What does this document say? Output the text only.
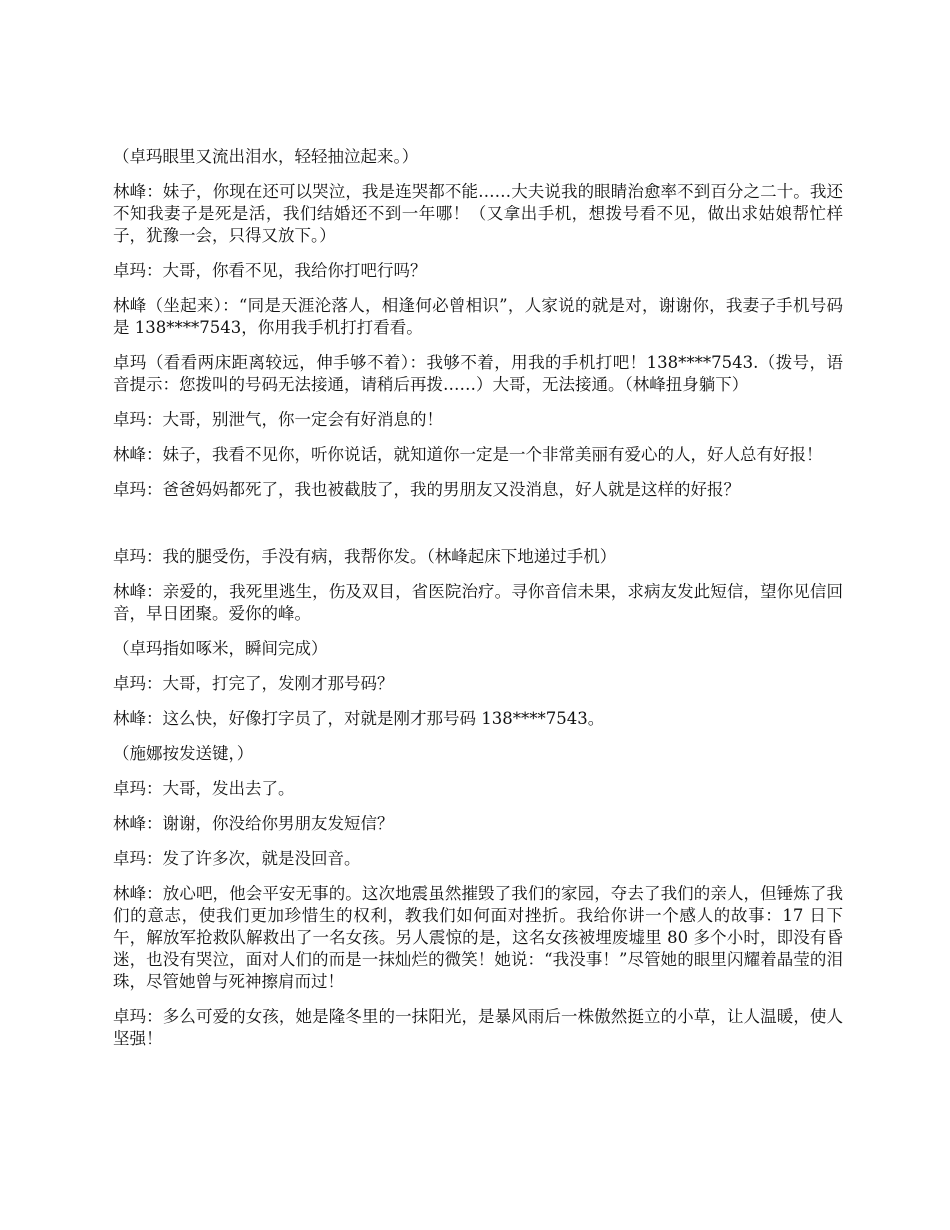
（卓玛眼里又流出泪水，轻轻抽泣起来。）

林峰：妹子，你现在还可以哭泣，我是连哭都不能……大夫说我的眼睛治愈率不到百分之二十。我还不知我妻子是死是活，我们结婚还不到一年哪！（又拿出手机，想拨号看不见，做出求姑娘帮忙样子，犹豫一会，只得又放下。）

卓玛：大哥，你看不见，我给你打吧行吗？

林峰（坐起来）：“同是天涯沦落人，相逢何必曾相识”，人家说的就是对，谢谢你，我妻子手机号码是 138****7543，你用我手机打打看看。

卓玛（看看两床距离较远，伸手够不着）：我够不着，用我的手机打吧！138****7543.（拨号，语音提示：您拨叫的号码无法接通，请稍后再拨……）大哥，无法接通。（林峰扭身躺下）

卓玛：大哥，别泄气，你一定会有好消息的！

林峰：妹子，我看不见你，听你说话，就知道你一定是一个非常美丽有爱心的人，好人总有好报！

卓玛：爸爸妈妈都死了，我也被截肢了，我的男朋友又没消息，好人就是这样的好报？

卓玛：我的腿受伤，手没有病，我帮你发。（林峰起床下地递过手机）

林峰：亲爱的，我死里逃生，伤及双目，省医院治疗。寻你音信未果，求病友发此短信，望你见信回音，早日团聚。爱你的峰。

（卓玛指如啄米，瞬间完成）

卓玛：大哥，打完了，发刚才那号码？

林峰：这么快，好像打字员了，对就是刚才那号码 138****7543。

（施娜按发送键，）

卓玛：大哥，发出去了。

林峰：谢谢，你没给你男朋友发短信？

卓玛：发了许多次，就是没回音。

林峰：放心吧，他会平安无事的。这次地震虽然摧毁了我们的家园，夺去了我们的亲人，但锤炼了我们的意志，使我们更加珍惜生的权利，教我们如何面对挫折。我给你讲一个感人的故事：17 日下午，解放军抢救队解救出了一名女孩。另人震惊的是，这名女孩被埋废墟里 80 多个小时，即没有昏迷，也没有哭泣，面对人们的而是一抹灿烂的微笑！她说：“我没事！”尽管她的眼里闪耀着晶莹的泪珠，尽管她曾与死神擦肩而过！

卓玛：多么可爱的女孩，她是隆冬里的一抹阳光，是暴风雨后一株傲然挺立的小草，让人温暖，使人坚强！
